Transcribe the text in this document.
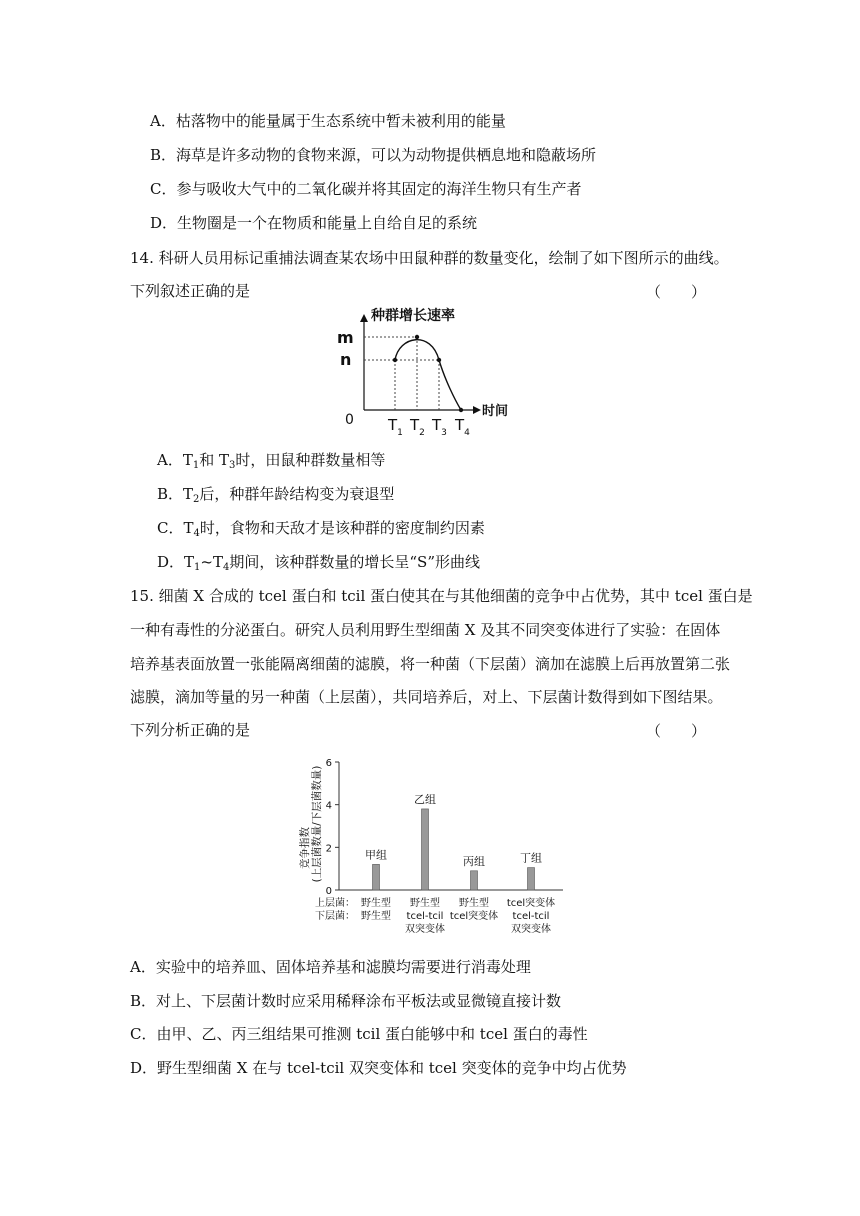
A．枯落物中的能量属于生态系统中暂未被利用的能量
B．海草是许多动物的食物来源，可以为动物提供栖息地和隐蔽场所
C．参与吸收大气中的二氧化碳并将其固定的海洋生物只有生产者
D．生物圈是一个在物质和能量上自给自足的系统
14. 科研人员用标记重捕法调查某农场中田鼠种群的数量变化，绘制了如下图所示的曲线。
下列叙述正确的是	（　　）
种群增长速率
时间
0
m
n
$T_1$ $T_2$ $T_3$ $T_4$
A．$T_1$和 $T_3$时，田鼠种群数量相等
B．$T_2$后，种群年龄结构变为衰退型
C．$T_4$时，食物和天敌才是该种群的密度制约因素
D．$T_1\sim T_4$期间，该种群数量的增长呈“S”形曲线
15. 细菌 X 合成的 tcel 蛋白和 tcil 蛋白使其在与其他细菌的竞争中占优势，其中 tcel 蛋白是
一种有毒性的分泌蛋白。研究人员利用野生型细菌 X 及其不同突变体进行了实验：在固体
培养基表面放置一张能隔离细菌的滤膜，将一种菌（下层菌）滴加在滤膜上后再放置第二张
滤膜，滴加等量的另一种菌（上层菌），共同培养后，对上、下层菌计数得到如下图结果。
下列分析正确的是	（　　）
竞争指数 (上层菌数量/下层菌数量)
0
2
4
6
甲组
乙组
丙组	丁组
上层菌：
下层菌：
野生型
野生型
野生型
tcel-tcil
双突变体
野生型
tcel突变体
tcel突变体
tcel-tcil
双突变体
A．实验中的培养皿、固体培养基和滤膜均需要进行消毒处理
B．对上、下层菌计数时应采用稀释涂布平板法或显微镜直接计数
C．由甲、乙、丙三组结果可推测 tcil 蛋白能够中和 tcel 蛋白的毒性
D．野生型细菌 X 在与 tcel-tcil 双突变体和 tcel 突变体的竞争中均占优势
